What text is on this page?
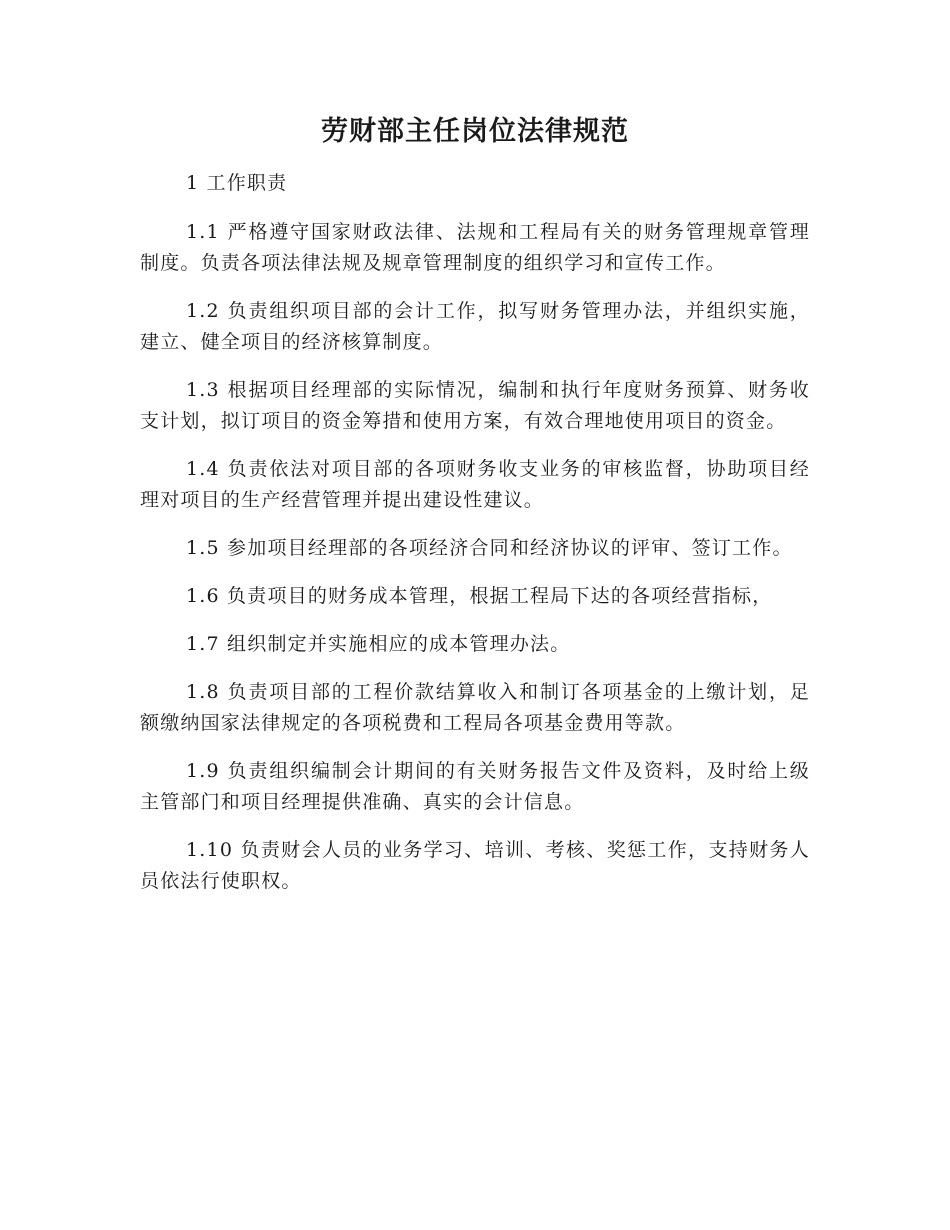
劳财部主任岗位法律规范

1 工作职责

1.1 严格遵守国家财政法律、法规和工程局有关的财务管理规章管理制度。负责各项法律法规及规章管理制度的组织学习和宣传工作。

1.2 负责组织项目部的会计工作，拟写财务管理办法，并组织实施，建立、健全项目的经济核算制度。

1.3 根据项目经理部的实际情况，编制和执行年度财务预算、财务收支计划，拟订项目的资金筹措和使用方案，有效合理地使用项目的资金。

1.4 负责依法对项目部的各项财务收支业务的审核监督，协助项目经理对项目的生产经营管理并提出建设性建议。

1.5 参加项目经理部的各项经济合同和经济协议的评审、签订工作。

1.6 负责项目的财务成本管理，根据工程局下达的各项经营指标，

1.7 组织制定并实施相应的成本管理办法。

1.8 负责项目部的工程价款结算收入和制订各项基金的上缴计划，足额缴纳国家法律规定的各项税费和工程局各项基金费用等款。

1.9 负责组织编制会计期间的有关财务报告文件及资料，及时给上级主管部门和项目经理提供准确、真实的会计信息。

1.10 负责财会人员的业务学习、培训、考核、奖惩工作，支持财务人员依法行使职权。
